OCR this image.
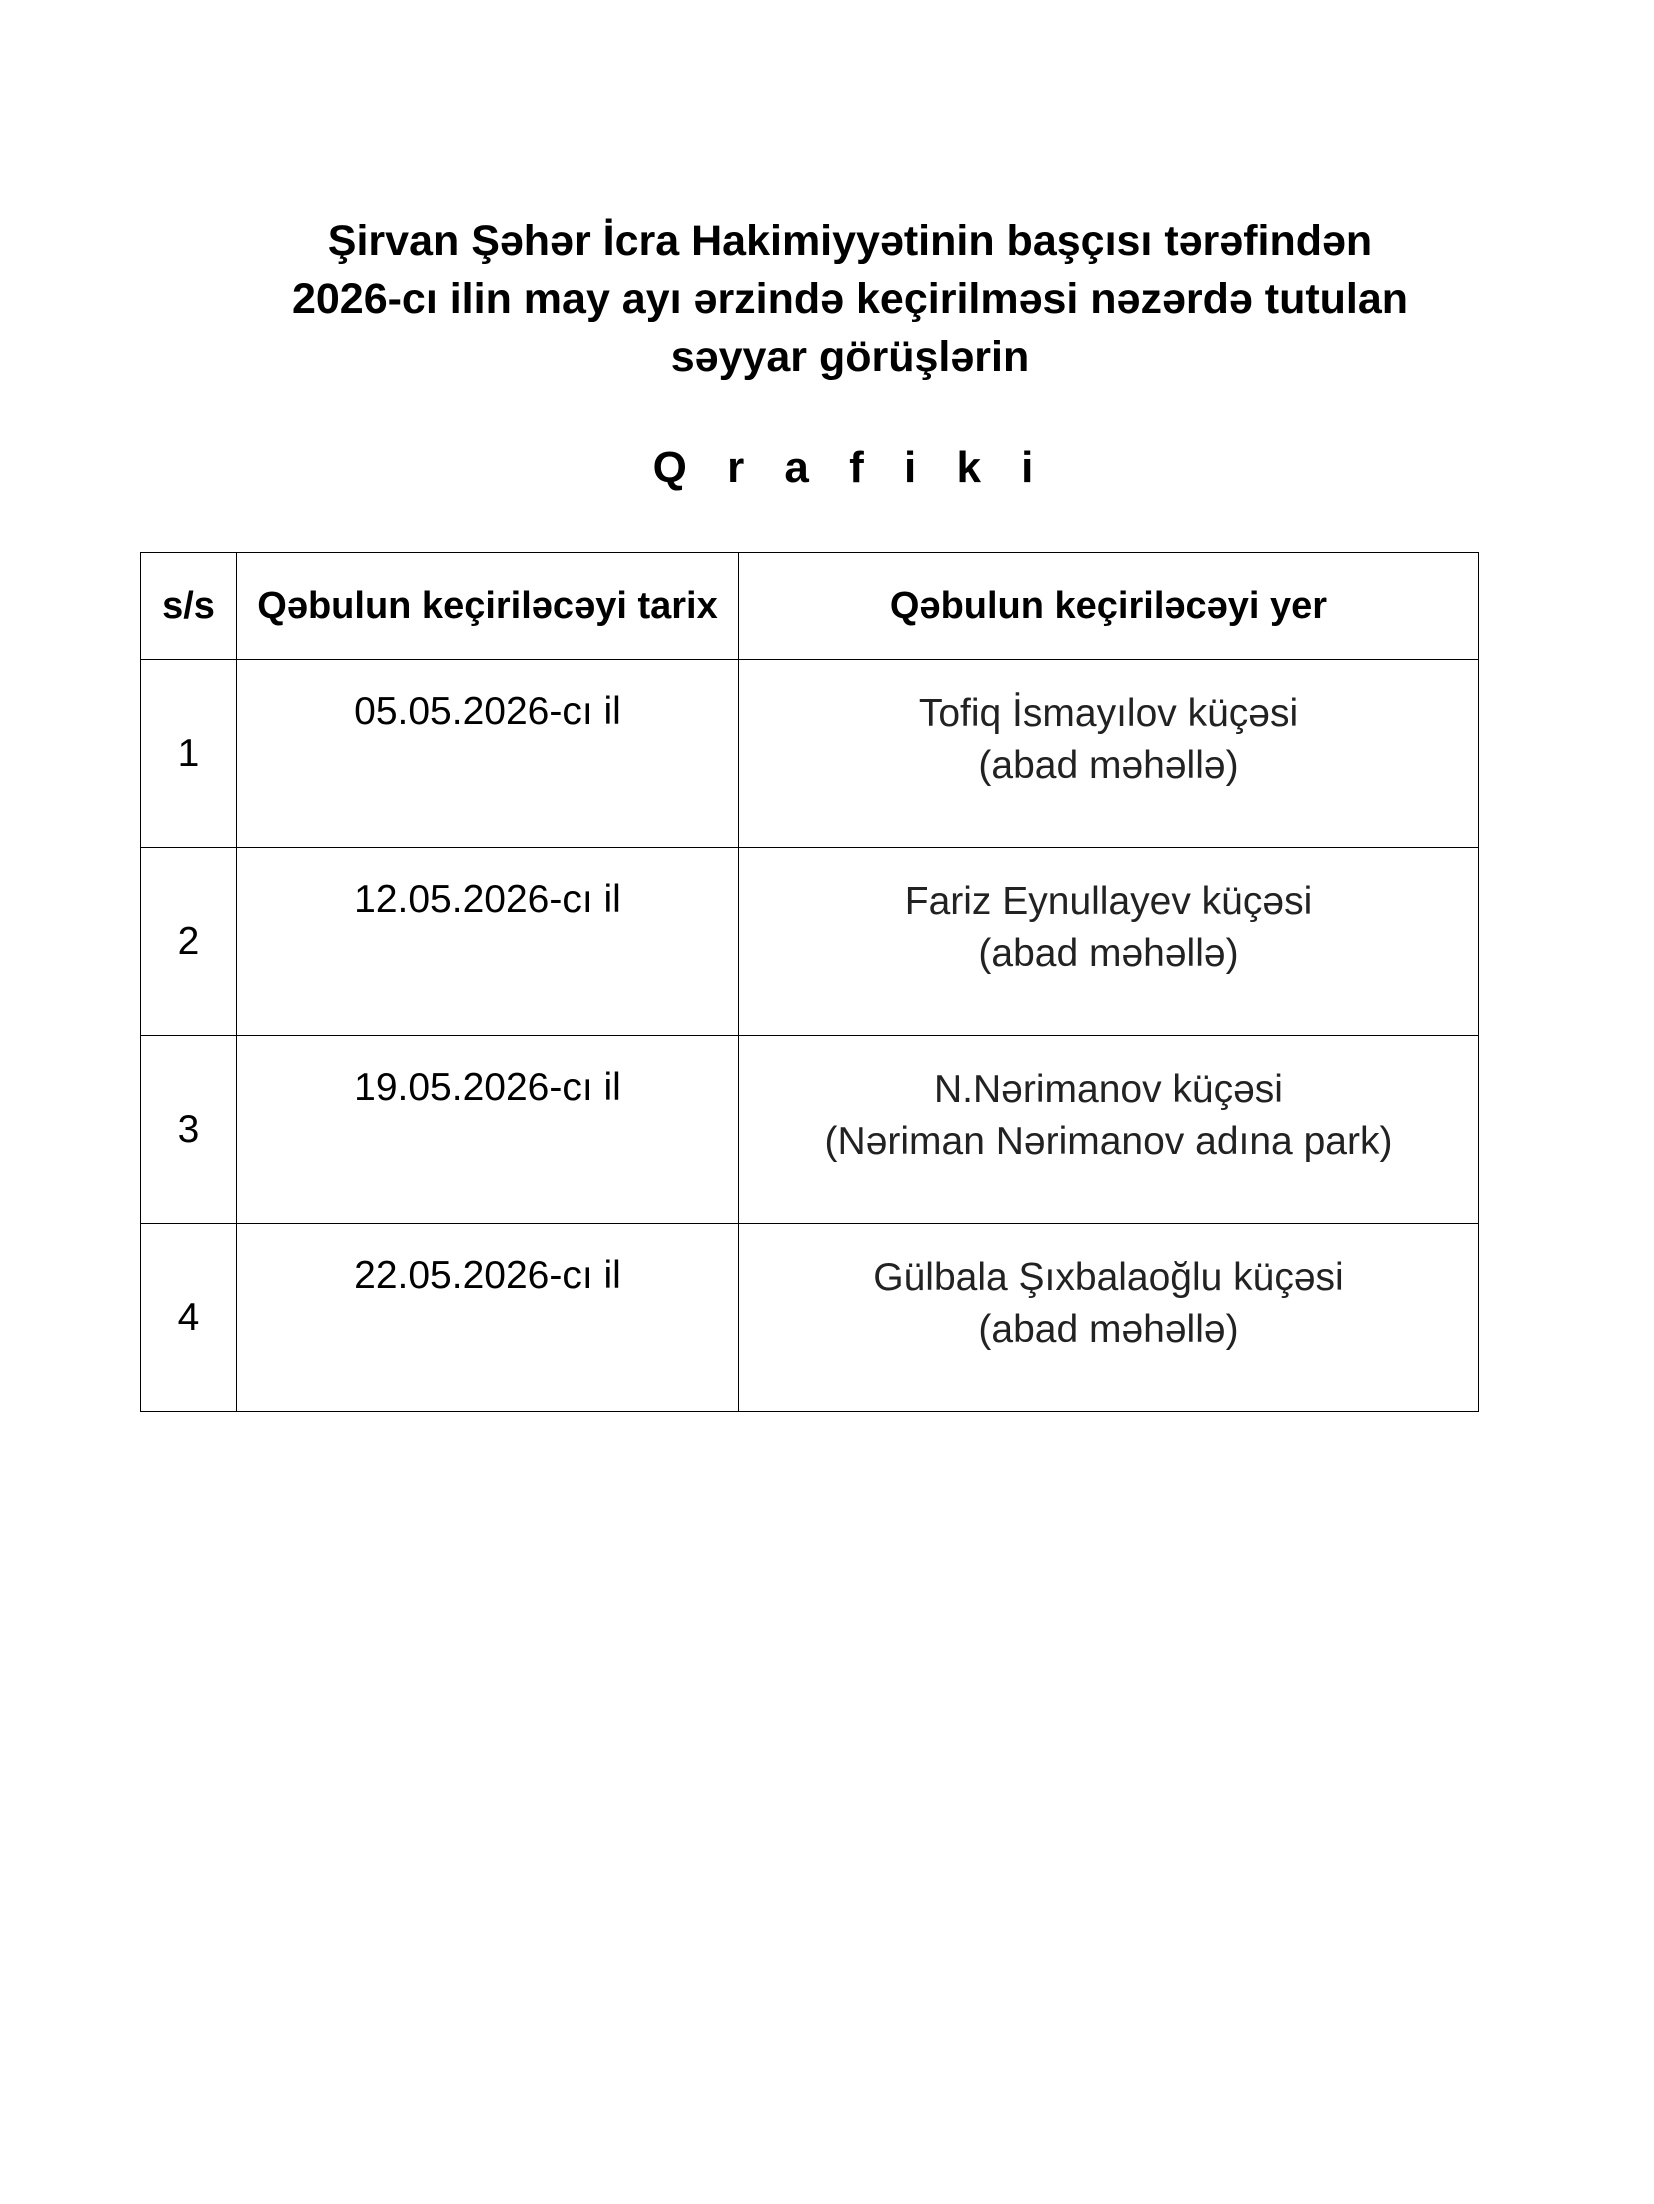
Şirvan Şəhər İcra Hakimiyyətinin başçısı tərəfindən
2026-cı ilin may ayı ərzində keçirilməsi nəzərdə tutulan
səyyar görüşlərin
Q r a f i k i
s/s	Qəbulun keçiriləcəyi tarix	Qəbulun keçiriləcəyi yer
1	05.05.2026-cı il	Tofiq İsmayılov küçəsi
(abad məhəllə)

2	12.05.2026-cı il	Fariz Eynullayev küçəsi
(abad məhəllə)

3	19.05.2026-cı il	N.Nərimanov küçəsi
(Nəriman Nərimanov adına park)

4	22.05.2026-cı il	Gülbala Şıxbalaoğlu küçəsi
(abad məhəllə)
